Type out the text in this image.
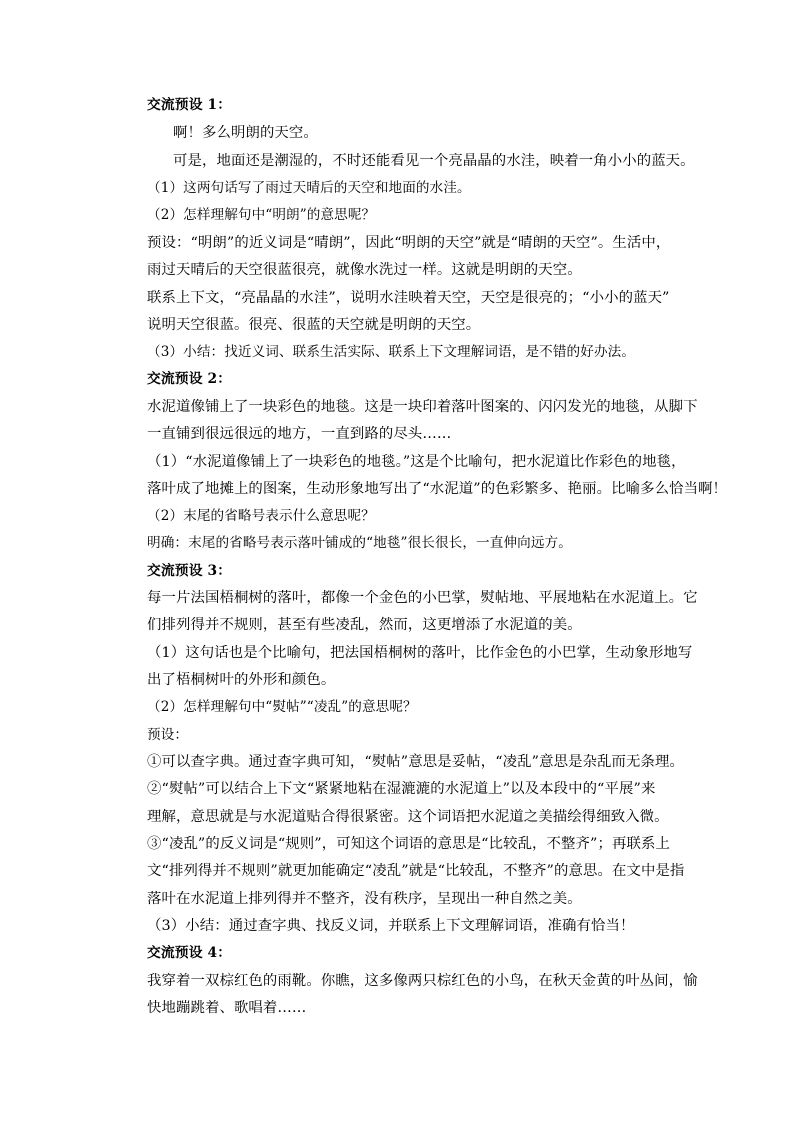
交流预设 1：
啊！多么明朗的天空。
可是，地面还是潮湿的，不时还能看见一个亮晶晶的水洼，映着一角小小的蓝天。
（1）这两句话写了雨过天晴后的天空和地面的水洼。
（2）怎样理解句中“明朗”的意思呢？
预设：“明朗”的近义词是“晴朗”，因此“明朗的天空”就是“晴朗的天空”。生活中，
雨过天晴后的天空很蓝很亮，就像水洗过一样。这就是明朗的天空。
联系上下文，“亮晶晶的水洼”，说明水洼映着天空，天空是很亮的；“小小的蓝天”
说明天空很蓝。很亮、很蓝的天空就是明朗的天空。
（3）小结：找近义词、联系生活实际、联系上下文理解词语，是不错的好办法。
交流预设 2：
水泥道像铺上了一块彩色的地毯。这是一块印着落叶图案的、闪闪发光的地毯，从脚下
一直铺到很远很远的地方，一直到路的尽头……
（1）“水泥道像铺上了一块彩色的地毯。”这是个比喻句，把水泥道比作彩色的地毯，
落叶成了地摊上的图案，生动形象地写出了“水泥道”的色彩繁多、艳丽。比喻多么恰当啊！
（2）末尾的省略号表示什么意思呢？
明确：末尾的省略号表示落叶铺成的“地毯”很长很长，一直伸向远方。
交流预设 3：
每一片法国梧桐树的落叶，都像一个金色的小巴掌，熨帖地、平展地粘在水泥道上。它
们排列得并不规则，甚至有些凌乱，然而，这更增添了水泥道的美。
（1）这句话也是个比喻句，把法国梧桐树的落叶，比作金色的小巴掌，生动象形地写
出了梧桐树叶的外形和颜色。
（2）怎样理解句中“熨帖”“凌乱”的意思呢？
预设：
①可以查字典。通过查字典可知，“熨帖”意思是妥帖，“凌乱”意思是杂乱而无条理。
②“熨帖”可以结合上下文“紧紧地粘在湿漉漉的水泥道上”以及本段中的“平展”来
理解，意思就是与水泥道贴合得很紧密。这个词语把水泥道之美描绘得细致入微。
③“凌乱”的反义词是“规则”，可知这个词语的意思是“比较乱，不整齐”；再联系上
文“排列得并不规则”就更加能确定“凌乱”就是“比较乱，不整齐”的意思。在文中是指
落叶在水泥道上排列得并不整齐，没有秩序，呈现出一种自然之美。
（3）小结：通过查字典、找反义词，并联系上下文理解词语，准确有恰当！
交流预设 4：
我穿着一双棕红色的雨靴。你瞧，这多像两只棕红色的小鸟，在秋天金黄的叶丛间，愉
快地蹦跳着、歌唱着……
